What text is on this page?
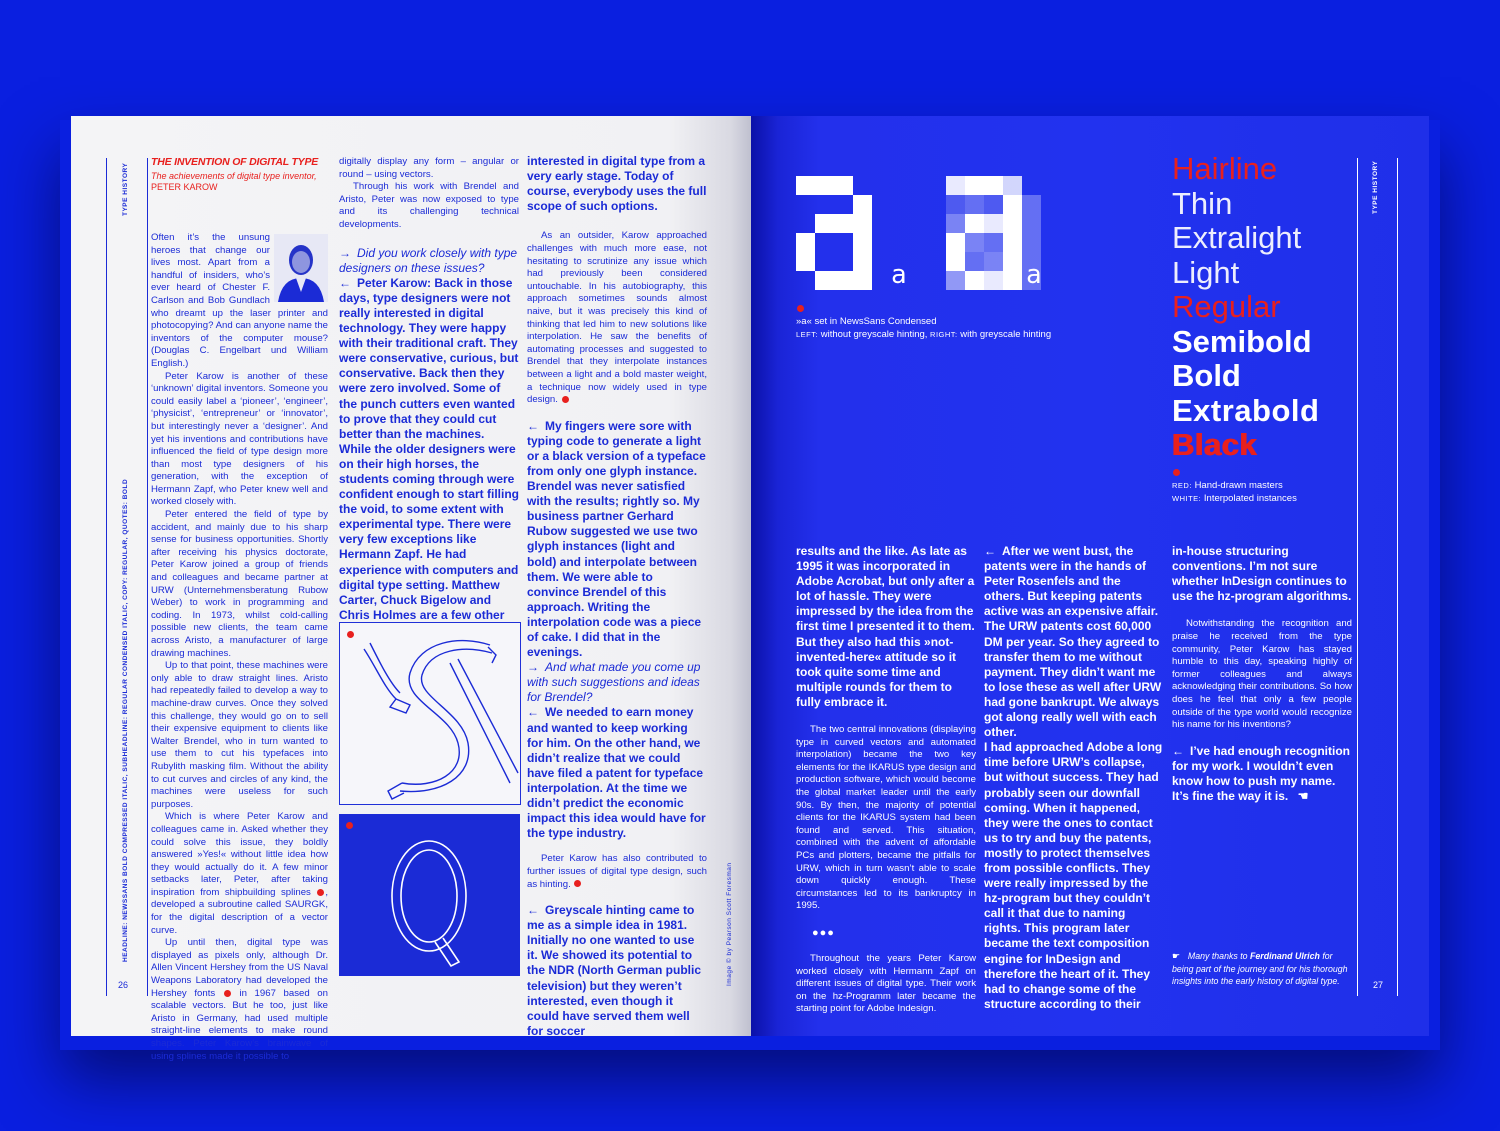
TYPE HISTORY
HEADLINE: NEWSSANS BOLD COMPRESSED ITALIC, SUBHEADLINE: REGULAR CONDENSED ITALIC, COPY: REGULAR, QUOTES: BOLD
THE INVENTION OF DIGITAL TYPE
The achievements of digital type inventor,
PETER KAROW

Often it’s the unsung heroes that change our lives most. Apart from a handful of insiders, who’s ever heard of Chester F. Carlson and Bob Gundlach who dreamt up the laser printer and photocopying? And can anyone name the inventors of the computer mouse? (Douglas C. Engelbart und William English.)

Peter Karow is another of these ‘unknown’ digital inventors. Someone you could easily label a ‘pioneer’, ‘engineer’, ‘physicist’, ‘entrepreneur’ or ‘innovator’, but interestingly never a ‘designer’. And yet his inventions and contributions have influenced the field of type design more than most type designers of his generation, with the exception of Hermann Zapf, who Peter knew well and worked closely with.

Peter entered the field of type by accident, and mainly due to his sharp sense for business opportunities. Shortly after receiving his physics doctorate, Peter Karow joined a group of friends and colleagues and became partner at URW (Unternehmensberatung Rubow Weber) to work in programming and coding. In 1973, whilst cold-calling possible new clients, the team came across Aristo, a manufacturer of large drawing machines.

Up to that point, these machines were only able to draw straight lines. Aristo had repeatedly failed to develop a way to machine-draw curves. Once they solved this challenge, they would go on to sell their expensive equipment to clients like Walter Brendel, who in turn wanted to use them to cut his typefaces into Rubylith masking film. Without the ability to cut curves and circles of any kind, the machines were useless for such purposes.

Which is where Peter Karow and colleagues came in. Asked whether they could solve this issue, they boldly answered »Yes!« without little idea how they would actually do it. A few minor setbacks later, Peter, after taking inspiration from shipbuilding splines , developed a subroutine called SAURGK, for the digital description of a vector curve.

Up until then, digital type was displayed as pixels only, although Dr. Allen Vincent Hershey from the US Naval Weapons Laboratory had developed the Hershey fonts	in 1967 based on scalable vectors. But he too, just like Aristo in Germany, had used multiple straight-line elements to make round shapes. Peter Karow’s brainwave of using splines made it possible to

digitally display any form – angular or round – using vectors.

Through his work with Brendel and Aristo, Peter was now exposed to type and its challenging technical developments.

→ Did you work closely with type designers on these issues?

← Peter Karow: Back in those days, type designers were not really interested in digital technology. They were happy with their traditional craft. They were conservative, curious, but conservative. Back then they were zero involved. Some of the punch cutters even wanted to prove that they could cut better than the machines. While the older designers were on their high horses, the students coming through were confident enough to start filling the void, to some extent with experimental type. There were very few exceptions like Hermann Zapf. He had experience with computers and digital type setting. Matthew Carter, Chuck Bigelow and Chris Holmes are a few other

interested in digital type from a very early stage. Today of course, everybody uses the full scope of such options.

As an outsider, Karow approached challenges with much more ease, not hesitating to scrutinize any issue which had previously been considered untouchable. In his autobiography, this approach sometimes sounds almost naive, but it was precisely this kind of thinking that led him to new solutions like interpolation. He saw the benefits of automating processes and suggested to Brendel that they interpolate instances between a light and a bold master weight, a technique now widely used in type design.

← My fingers were sore with typing code to generate a light or a black version of a typeface from only one glyph instance. Brendel was never satisfied with the results; rightly so. My business partner Gerhard Rubow suggested we use two glyph instances (light and bold) and interpolate between them. We were able to convince Brendel of this approach. Writing the interpolation code was a piece of cake. I did that in the evenings.

→ And what made you come up with such suggestions and ideas for Brendel?

← We needed to earn money and wanted to keep working for him. On the other hand, we didn’t realize that we could have filed a patent for typeface interpolation. At the time we didn’t predict the economic impact this idea would have for the type industry.

Peter Karow has also contributed to further issues of digital type design, such as hinting.

← Greyscale hinting came to me as a simple idea in 1981. Initially no one wanted to use it. We showed its potential to the NDR (North German public television) but they weren’t interested, even though it could have served them well for soccer

Image © by Pearson Scott Foresman
26
TYPE HISTORY
a	a

»a« set in NewsSans Condensed
LEFT: without greyscale hinting, RIGHT: with greyscale hinting
Hairline
Thin
Extralight
Light
Regular
Semibold
Bold
Extrabold
Black

RED: Hand-drawn masters
WHITE: Interpolated instances

results and the like. As late as 1995 it was incorporated in Adobe Acrobat, but only after a lot of hassle. They were impressed by the idea from the first time I presented it to them. But they also had this »not-invented-here« attitude so it took quite some time and multiple rounds for them to fully embrace it.

The two central innovations (displaying type in curved vectors and automated interpolation) became the two key elements for the IKARUS type design and production software, which would become the global market leader until the early 90s. By then, the majority of potential clients for the IKARUS system had been found and served. This situation, combined with the advent of affordable PCs and plotters, became the pitfalls for URW, which in turn wasn’t able to scale down quickly enough. These circumstances led to its bankruptcy in 1995.

●●●

Throughout the years Peter Karow worked closely with Hermann Zapf on different issues of digital type. Their work on the hz-Programm later became the starting point for Adobe Indesign.

← After we went bust, the patents were in the hands of Peter Rosenfels and the others. But keeping patents active was an expensive affair. The URW patents cost 60,000 DM per year. So they agreed to transfer them to me without payment. They didn’t want me to lose these as well after URW had gone bankrupt. We always got along really well with each other.

I had approached Adobe a long time before URW’s collapse, but without success. They had probably seen our downfall coming. When it happened, they were the ones to contact us to try and buy the patents, mostly to protect themselves from possible conflicts. They were really impressed by the hz-program but they couldn’t call it that due to naming rights. This program later became the text composition engine for InDesign and therefore the heart of it. They had to change some of the structure according to their

in-house structuring conventions. I’m not sure whether InDesign continues to use the hz-program algorithms.

Notwithstanding the recognition and praise he received from the type community, Peter Karow has stayed humble to this day, speaking highly of former colleagues and always acknowledging their contributions. So how does he feel that only a few people outside of the type world would recognize his name for his inventions?

← I’ve had enough recognition for my work. I wouldn’t even know how to push my name. It’s fine the way it is. ☚

☛ Many thanks to Ferdinand Ulrich for being part of the journey and for his thorough insights into the early history of digital type.	27
